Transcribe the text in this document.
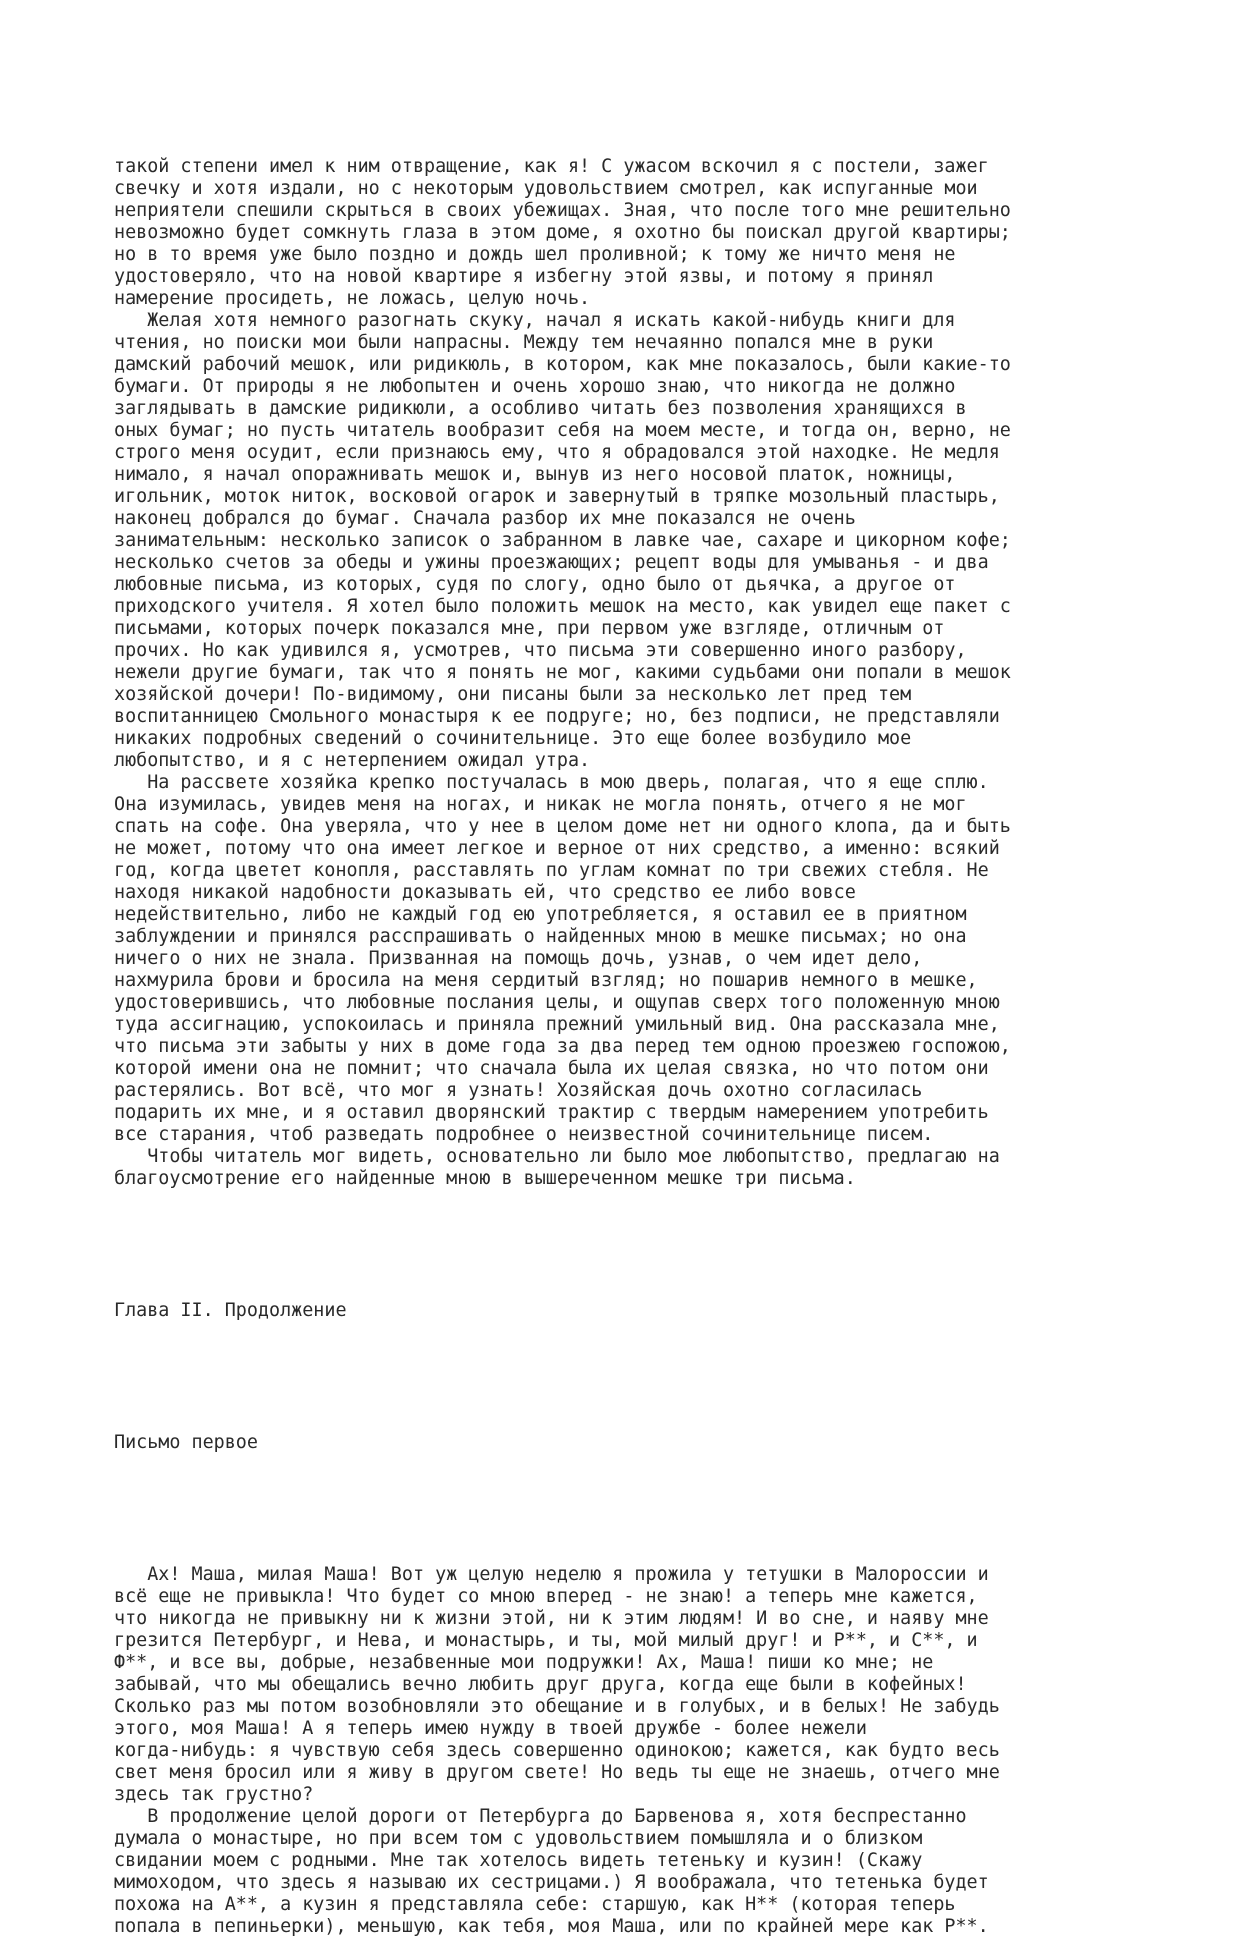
такой степени имел к ним отвращение, как я! С ужасом вскочил я с постели, зажег
свечку и хотя издали, но с некоторым удовольствием смотрел, как испуганные мои
неприятели спешили скрыться в своих убежищах. Зная, что после того мне решительно
невозможно будет сомкнуть глаза в этом доме, я охотно бы поискал другой квартиры;
но в то время уже было поздно и дождь шел проливной; к тому же ничто меня не
удостоверяло, что на новой квартире я избегну этой язвы, и потому я принял
намерение просидеть, не ложась, целую ночь.
Желая хотя немного разогнать скуку, начал я искать какой-нибудь книги для
чтения, но поиски мои были напрасны. Между тем нечаянно попался мне в руки
дамский рабочий мешок, или ридикюль, в котором, как мне показалось, были какие-то
бумаги. От природы я не любопытен и очень хорошо знаю, что никогда не должно
заглядывать в дамские ридикюли, а особливо читать без позволения хранящихся в
оных бумаг; но пусть читатель вообразит себя на моем месте, и тогда он, верно, не
строго меня осудит, если признаюсь ему, что я обрадовался этой находке. Не медля
нимало, я начал опоражнивать мешок и, вынув из него носовой платок, ножницы,
игольник, моток ниток, восковой огарок и завернутый в тряпке мозольный пластырь,
наконец добрался до бумаг. Сначала разбор их мне показался не очень
занимательным: несколько записок о забранном в лавке чае, сахаре и цикорном кофе;
несколько счетов за обеды и ужины проезжающих; рецепт воды для умыванья - и два
любовные письма, из которых, судя по слогу, одно было от дьячка, а другое от
приходского учителя. Я хотел было положить мешок на место, как увидел еще пакет с
письмами, которых почерк показался мне, при первом уже взгляде, отличным от
прочих. Но как удивился я, усмотрев, что письма эти совершенно иного разбору,
нежели другие бумаги, так что я понять не мог, какими судьбами они попали в мешок
хозяйской дочери! По-видимому, они писаны были за несколько лет пред тем
воспитанницею Смольного монастыря к ее подруге; но, без подписи, не представляли
никаких подробных сведений о сочинительнице. Это еще более возбудило мое
любопытство, и я с нетерпением ожидал утра.
На рассвете хозяйка крепко постучалась в мою дверь, полагая, что я еще сплю.
Она изумилась, увидев меня на ногах, и никак не могла понять, отчего я не мог
спать на софе. Она уверяла, что у нее в целом доме нет ни одного клопа, да и быть
не может, потому что она имеет легкое и верное от них средство, а именно: всякий
год, когда цветет конопля, расставлять по углам комнат по три свежих стебля. Не
находя никакой надобности доказывать ей, что средство ее либо вовсе
недействительно, либо не каждый год ею употребляется, я оставил ее в приятном
заблуждении и принялся расспрашивать о найденных мною в мешке письмах; но она
ничего о них не знала. Призванная на помощь дочь, узнав, о чем идет дело,
нахмурила брови и бросила на меня сердитый взгляд; но пошарив немного в мешке,
удостоверившись, что любовные послания целы, и ощупав сверх того положенную мною
туда ассигнацию, успокоилась и приняла прежний умильный вид. Она рассказала мне,
что письма эти забыты у них в доме года за два перед тем одною проезжею госпожою,
которой имени она не помнит; что сначала была их целая связка, но что потом они
растерялись. Вот всё, что мог я узнать! Хозяйская дочь охотно согласилась
подарить их мне, и я оставил дворянский трактир с твердым намерением употребить
все старания, чтоб разведать подробнее о неизвестной сочинительнице писем.
Чтобы читатель мог видеть, основательно ли было мое любопытство, предлагаю на
благоусмотрение его найденные мною в вышереченном мешке три письма.

Глава II. Продолжение

Письмо первое

Ах! Маша, милая Маша! Вот уж целую неделю я прожила у тетушки в Малороссии и
всё еще не привыкла! Что будет со мною вперед - не знаю! а теперь мне кажется,
что никогда не привыкну ни к жизни этой, ни к этим людям! И во сне, и наяву мне
грезится Петербург, и Нева, и монастырь, и ты, мой милый друг! и Р**, и С**, и
Ф**, и все вы, добрые, незабвенные мои подружки! Ах, Маша! пиши ко мне; не
забывай, что мы обещались вечно любить друг друга, когда еще были в кофейных!
Сколько раз мы потом возобновляли это обещание и в голубых, и в белых! Не забудь
этого, моя Маша! А я теперь имею нужду в твоей дружбе - более нежели
когда-нибудь: я чувствую себя здесь совершенно одинокою; кажется, как будто весь
свет меня бросил или я живу в другом свете! Но ведь ты еще не знаешь, отчего мне
здесь так грустно?
В продолжение целой дороги от Петербурга до Барвенова я, хотя беспрестанно
думала о монастыре, но при всем том с удовольствием помышляла и о близком
свидании моем с родными. Мне так хотелось видеть тетеньку и кузин! (Скажу
мимоходом, что здесь я называю их сестрицами.) Я воображала, что тетенька будет
похожа на А**, а кузин я представляла себе: старшую, как Н** (которая теперь
попала в пепиньерки), меньшую, как тебя, моя Маша, или по крайней мере как Р**.
